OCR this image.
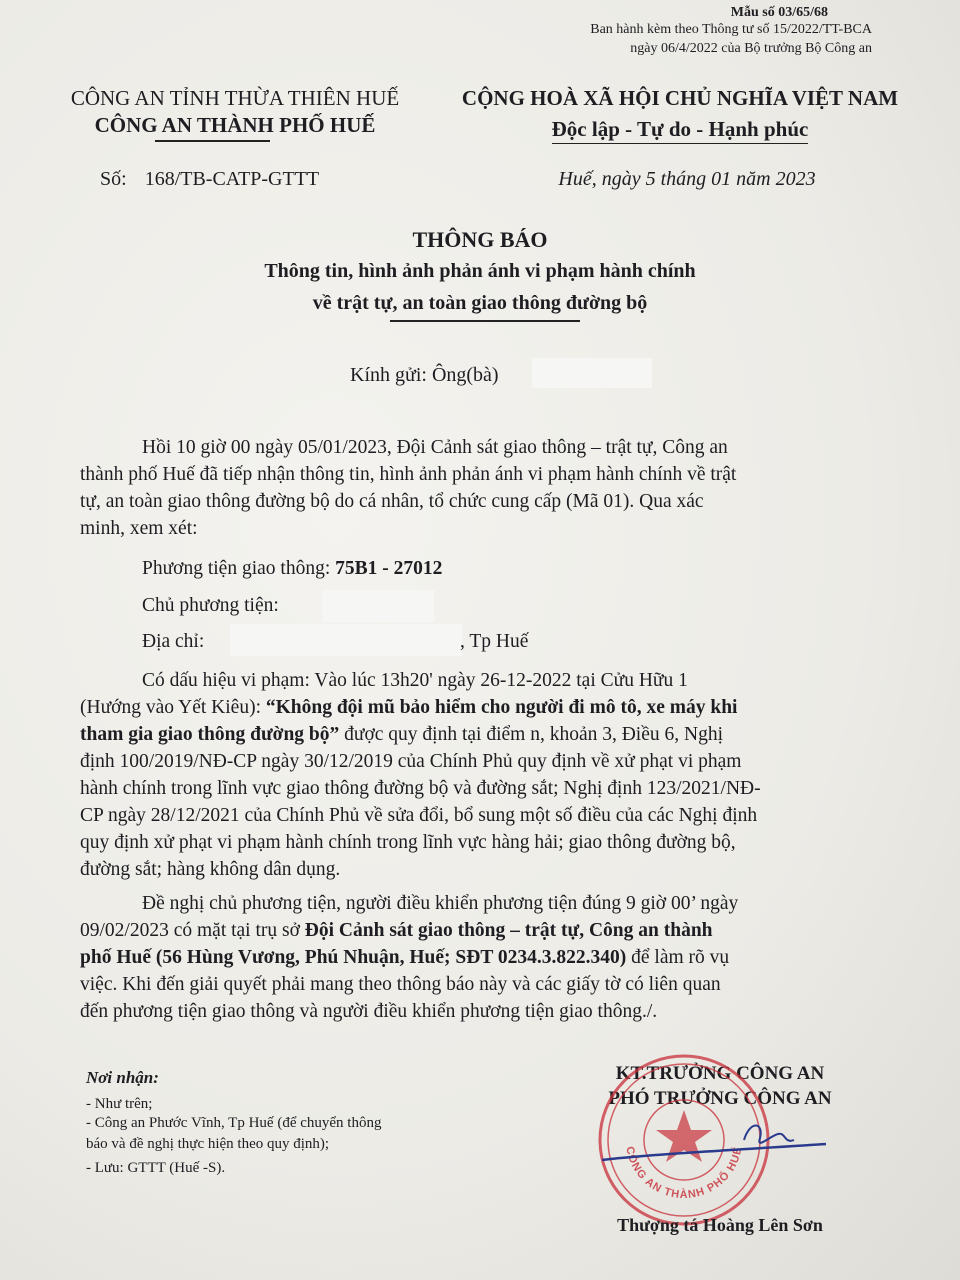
Mẫu số 03/65/68
Ban hành kèm theo Thông tư số 15/2022/TT-BCA
ngày 06/4/2022 của Bộ trưởng Bộ Công an
CÔNG AN TỈNH THỪA THIÊN HUẾ
CÔNG AN THÀNH PHỐ HUẾ
CỘNG HOÀ XÃ HỘI CHỦ NGHĨA VIỆT NAM
Độc lập - Tự do - Hạnh phúc
Số: 168/TB-CATP-GTTT	Huế, ngày 5 tháng 01 năm 2023
THÔNG BÁO
Thông tin, hình ảnh phản ánh vi phạm hành chính
về trật tự, an toàn giao thông đường bộ
Kính gửi: Ông(bà)
Hồi 10 giờ 00 ngày 05/01/2023, Đội Cảnh sát giao thông – trật tự, Công an
thành phố Huế đã tiếp nhận thông tin, hình ảnh phản ánh vi phạm hành chính về trật
tự, an toàn giao thông đường bộ do cá nhân, tổ chức cung cấp (Mã 01). Qua xác
minh, xem xét:
Phương tiện giao thông: 75B1 - 27012
Chủ phương tiện:
Địa chỉ:	, Tp Huế
Có dấu hiệu vi phạm: Vào lúc 13h20' ngày 26-12-2022 tại Cửu Hữu 1
(Hướng vào Yết Kiêu): “Không đội mũ bảo hiểm cho người đi mô tô, xe máy khi
tham gia giao thông đường bộ” được quy định tại điểm n, khoản 3, Điều 6, Nghị
định 100/2019/NĐ-CP ngày 30/12/2019 của Chính Phủ quy định về xử phạt vi phạm
hành chính trong lĩnh vực giao thông đường bộ và đường sắt; Nghị định 123/2021/NĐ-
CP ngày 28/12/2021 của Chính Phủ về sửa đổi, bổ sung một số điều của các Nghị định
quy định xử phạt vi phạm hành chính trong lĩnh vực hàng hải; giao thông đường bộ,
đường sắt; hàng không dân dụng.
Đề nghị chủ phương tiện, người điều khiển phương tiện đúng 9 giờ 00’ ngày
09/02/2023 có mặt tại trụ sở Đội Cảnh sát giao thông – trật tự, Công an thành
phố Huế (56 Hùng Vương, Phú Nhuận, Huế; SĐT 0234.3.822.340) để làm rõ vụ
việc. Khi đến giải quyết phải mang theo thông báo này và các giấy tờ có liên quan
đến phương tiện giao thông và người điều khiển phương tiện giao thông./.
Nơi nhận:
- Như trên;
- Công an Phước Vĩnh, Tp Huế (để chuyển thông
báo và đề nghị thực hiện theo quy định);
- Lưu: GTTT (Huế -S).
KT.TRƯỞNG CÔNG AN
PHÓ TRƯỞNG CÔNG AN
CÔNG AN THÀNH PHỐ HUẾ
Thượng tá Hoàng Lên Sơn
